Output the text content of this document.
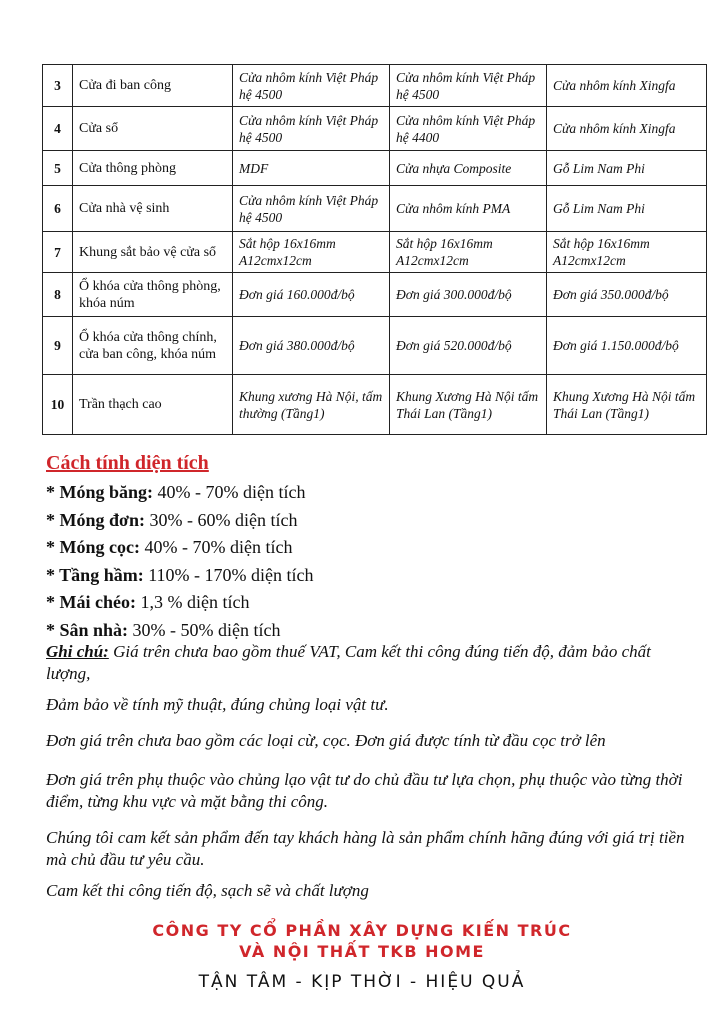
3	Cửa đi ban công	Cửa nhôm kính Việt Pháp hệ 4500	Cửa nhôm kính Việt Pháp hệ 4500	Cửa nhôm kính Xingfa
4	Cửa sổ	Cửa nhôm kính Việt Pháp hệ 4500	Cửa nhôm kính Việt Pháp hệ 4400	Cửa nhôm kính Xingfa
5	Cửa thông phòng	MDF	Cửa nhựa Composite	Gỗ Lim Nam Phi
6	Cửa nhà vệ sinh	Cửa nhôm kính Việt Pháp hệ 4500	Cửa nhôm kính PMA	Gỗ Lim Nam Phi
7	Khung sắt bảo vệ cửa sổ	Sắt hộp 16x16mm A12cmx12cm	Sắt hộp 16x16mm A12cmx12cm	Sắt hộp 16x16mm A12cmx12cm
8	Ổ khóa cửa thông phòng, khóa núm	Đơn giá 160.000đ/bộ	Đơn giá 300.000đ/bộ	Đơn giá 350.000đ/bộ
9	Ổ khóa cửa thông chính, cửa ban công, khóa núm	Đơn giá 380.000đ/bộ	Đơn giá 520.000đ/bộ	Đơn giá 1.150.000đ/bộ
10	Trần thạch cao	Khung xương Hà Nội, tấm thường (Tầng1)	Khung Xương Hà Nội tấm Thái Lan (Tầng1)	Khung Xương Hà Nội tấm Thái Lan (Tầng1)
Cách tính diện tích
* Móng băng: 40% - 70% diện tích
* Móng đơn: 30% - 60% diện tích
* Móng cọc: 40% - 70% diện tích
* Tầng hầm: 110% - 170% diện tích
* Mái chéo: 1,3 % diện tích
* Sân nhà: 30% - 50% diện tích
Ghi chú: Giá trên chưa bao gồm thuế VAT, Cam kết thi công đúng tiến độ, đảm bảo chất lượng,
Đảm bảo về tính mỹ thuật, đúng chủng loại vật tư.
Đơn giá trên chưa bao gồm các loại cừ, cọc. Đơn giá được tính từ đầu cọc trở lên
Đơn giá trên phụ thuộc vào chủng lạo vật tư do chủ đầu tư lựa chọn, phụ thuộc vào từng thời điểm, từng khu vực và mặt bằng thi công.
Chúng tôi cam kết sản phẩm đến tay khách hàng là sản phẩm chính hãng đúng với giá trị tiền mà chủ đầu tư yêu cầu.
Cam kết thi công tiến độ, sạch sẽ và chất lượng
CÔNG TY CỔ PHẦN XÂY DỰNG KIẾN TRÚC
VÀ NỘI THẤT TKB HOME
TẬN TÂM - KỊP THỜI - HIỆU QUẢ
